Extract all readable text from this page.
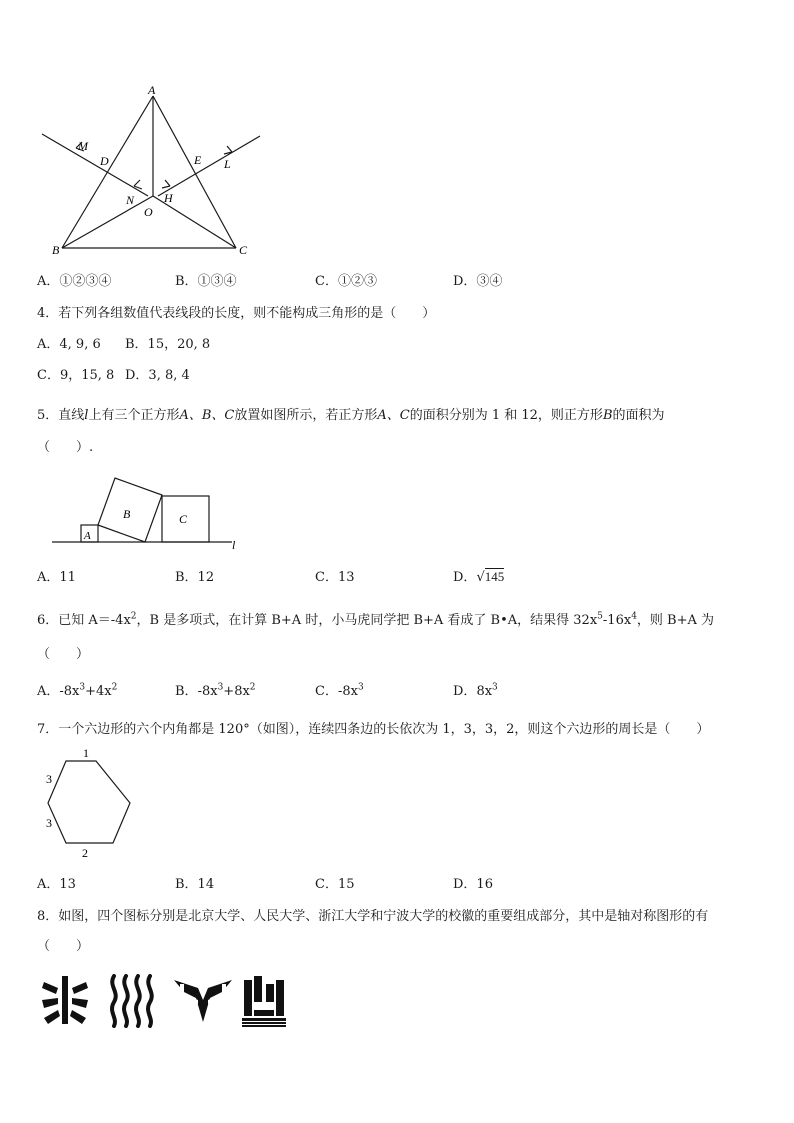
A
M
D	E L
N H
O
B	C
A．①②③④	B．①③④	C．①②③	D．③④
4．若下列各组数值代表线段的长度，则不能构成三角形的是（　　）
A．4, 9, 6 B．15，20, 8
C．9，15, 8 D．3, 8, 4
5．直线l上有三个正方形A、B、C放置如图所示，若正方形A、C的面积分别为 1 和 12，则正方形B的面积为
（　　）.
A
B	C
l
A．11	B．12	C．13	D．√145
6．已知 $A=-4x^2$，B 是多项式，在计算 B+A 时，小马虎同学把 B+A 看成了 B•A，结果得 $32x^5-16x^4$，则 B+A 为
（　　）
A．$-8x^3+4x^2$	B．$-8x^3+8x^2$	C．$-8x^3$	D．$8x^3$
7．一个六边形的六个内角都是 120°（如图），连续四条边的长依次为 1，3，3，2，则这个六边形的周长是（　　）
1
3
3
2
A．13	B．14	C．15	D．16
8．如图，四个图标分别是北京大学、人民大学、浙江大学和宁波大学的校徽的重要组成部分，其中是轴对称图形的有
（　　）
